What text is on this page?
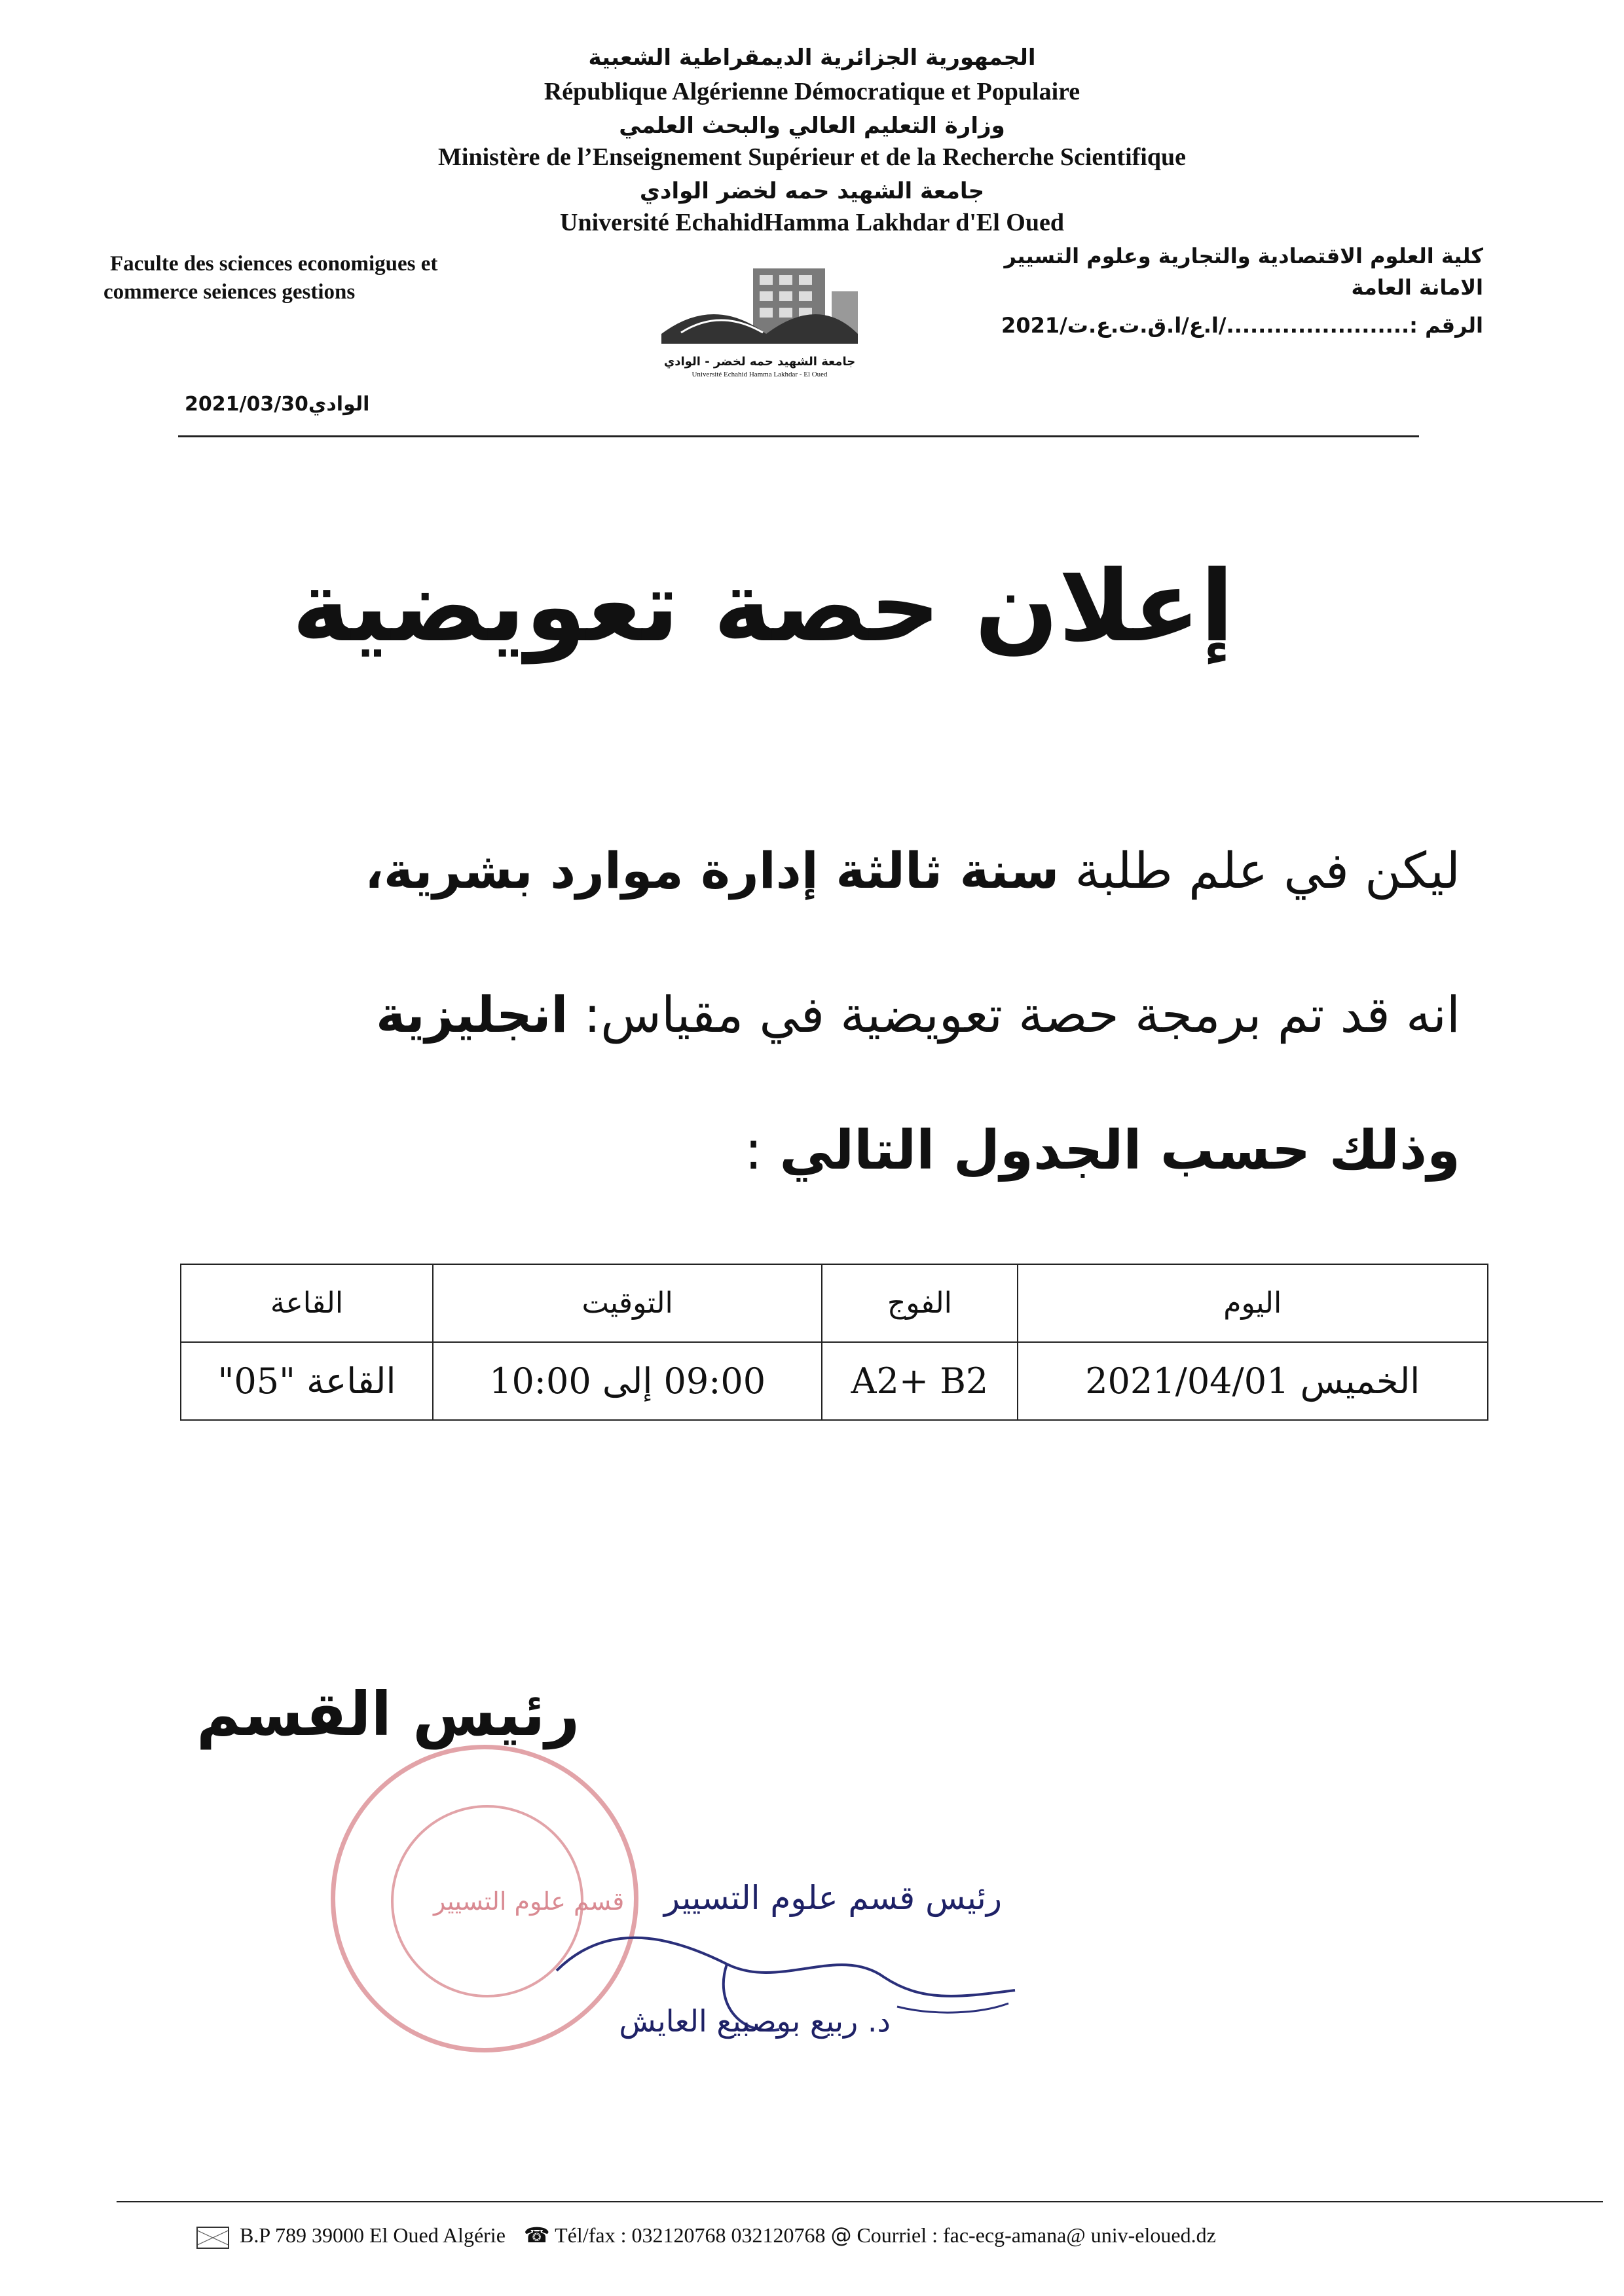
الجمهورية الجزائرية الديمقراطية الشعبية
République Algérienne Démocratique et Populaire
وزارة التعليم العالي والبحث العلمي
Ministère de l’Enseignement Supérieur et de la Recherche Scientifique
جامعة الشهيد حمه لخضر الوادي
Université EchahidHamma Lakhdar d'El Oued
Faculte des sciences economigues et
commerce seiences gestions
كلية العلوم الاقتصادية والتجارية وعلوم التسيير
الامانة العامة
الرقم :......................./ا.ع/ا.ق.ت.ع.ت/2021
جامعة الشهيد حمه لخضر - الوادي
Université Echahid Hamma Lakhdar - El Oued
الوادي2021/03/30
إعلان حصة تعويضية
ليكن في علم طلبة سنة ثالثة إدارة موارد بشرية،
انه قد تم برمجة حصة تعويضية في مقياس: انجليزية
وذلك حسب الجدول التالي :
اليوم	الفوج	التوقيت	القاعة
الخميس 2021/04/01	A2+ B2	09:00 إلى 10:00	القاعة "05"
رئيس القسم
قسم علوم التسيير رئيس قسم علوم التسيير
د. ربيع بوصبيع العايش
B.P 789 39000 El Oued Algérie ☎ Tél/fax : 032120768 032120768 @ Courriel : fac-ecg-amana@ univ-eloued.dz
